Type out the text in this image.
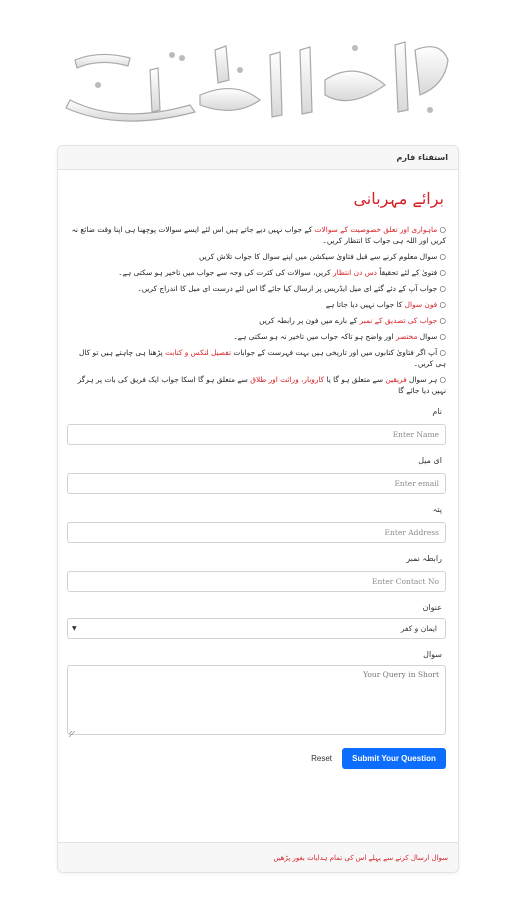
دارالافتاء والقضاء
استفتاء فارم
برائے مہربانی
○ ماہواری اور تعلق خصوصیت کے سوالات کے جواب نہیں دیے جاتے ہیں اس لئے ایسے سوالات پوچھنا ہی اپنا وقت ضائع نہ کریں اور اللہ ہی جواب کا انتظار کریں۔
○ سوال معلوم کرنے سے قبل فتاویٰ سیکشن میں اپنے سوال کا جواب تلاش کریں
○ فتویٰ کے لئے تحقیقاً دس دن انتظار کریں، سوالات کی کثرت کی وجہ سے جواب میں تاخیر ہو سکتی ہے۔
○ جواب آپ کے دئے گئے ای میل ایڈریس پر ارسال کیا جائے گا اس لئے درست ای میل کا اندراج کریں۔
○ فون سوال کا جواب نہیں دیا جاتا ہے
○ جواب کی تصدیق کے نمبر کے بارے میں فون پر رابطہ کریں
○ سوال مختصر اور واضح ہو تاکہ جواب میں تاخیر نہ ہو سکتی ہے۔
○ آپ اگر فتاویٰ کتابوں میں اور تاریخی ہیں بہت فہرست کے جوابات تفصیل لنکس و کتابت پڑھنا ہی چاہتے ہیں تو کال ہی کریں۔
○ ہر سوال فریقین سے متعلق ہو گا یا کاروبار، وراثت اور طلاق سے متعلق ہو گا اسکا جواب ایک فریق کی بات پر ہرگز نہیں دیا جائے گا
نام
Enter Name
ای میل
Enter email
پتہ
Enter Address
رابطہ نمبر
Enter Contact No
عنوان
ایمان و کفر
▼
سوال
Your Query in Short
Reset	Submit Your Question
سوال ارسال کرنے سے پہلے اس کی تمام ہدایات بغور پڑھیں
